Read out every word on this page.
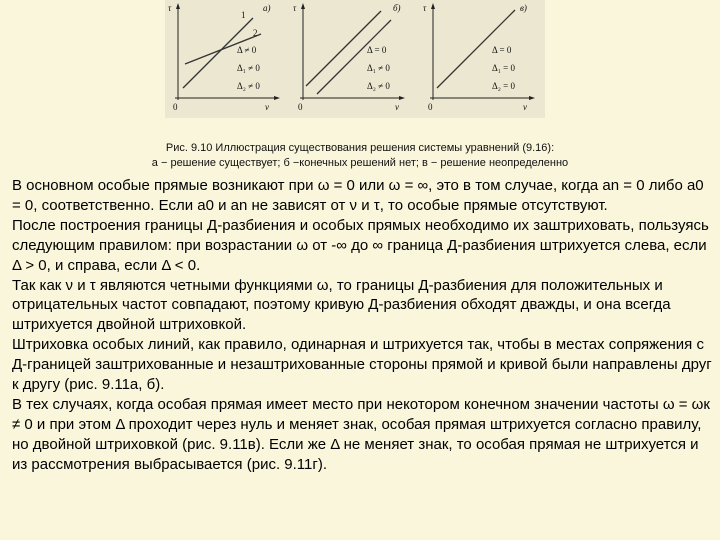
τ
ν
0
а)
1
2
Δ ≠ 0
Δ₁ ≠ 0
Δ₂ ≠ 0
τ
ν
0
б)
Δ = 0
Δ₁ ≠ 0
Δ₂ ≠ 0
τ
ν
0
в)
Δ = 0
Δ₁ = 0
Δ₂ = 0
Рис. 9.10 Иллюстрация существования решения системы уравнений (9.16):
а − решение существует; б −конечных решений нет; в − решение неопределенно

В основном особые прямые возникают при ω = 0 или ω = ∞, это в том случае, когда аn = 0 либо а0 = 0, соответственно. Если а0 и аn не зависят от ν и τ, то особые прямые отсутствуют.

После построения границы Д-разбиения и особых прямых необходимо их заштриховать, пользуясь следующим правилом: при возрастании ω от -∞ до ∞ граница Д-разбиения штрихуется слева, если Δ > 0, и справа, если Δ < 0.

Так как ν и τ являются четными функциями ω, то границы Д-разбиения для положительных и отрицательных частот совпадают, поэтому кривую Д-разбиения обходят дважды, и она всегда штрихуется двойной штриховкой.

Штриховка особых линий, как правило, одинарная и штрихуется так, чтобы в местах сопряжения с Д-границей заштрихованные и незаштрихованные стороны прямой и кривой были направлены друг к другу (рис. 9.11а, б).

В тех случаях, когда особая прямая имеет место при некотором конечном значении частоты ω = ωк ≠ 0 и при этом Δ проходит через нуль и меняет знак, особая прямая штрихуется согласно правилу, но двойной штриховкой (рис. 9.11в). Если же Δ не меняет знак, то особая прямая не штрихуется и из рассмотрения выбрасывается (рис. 9.11г).
